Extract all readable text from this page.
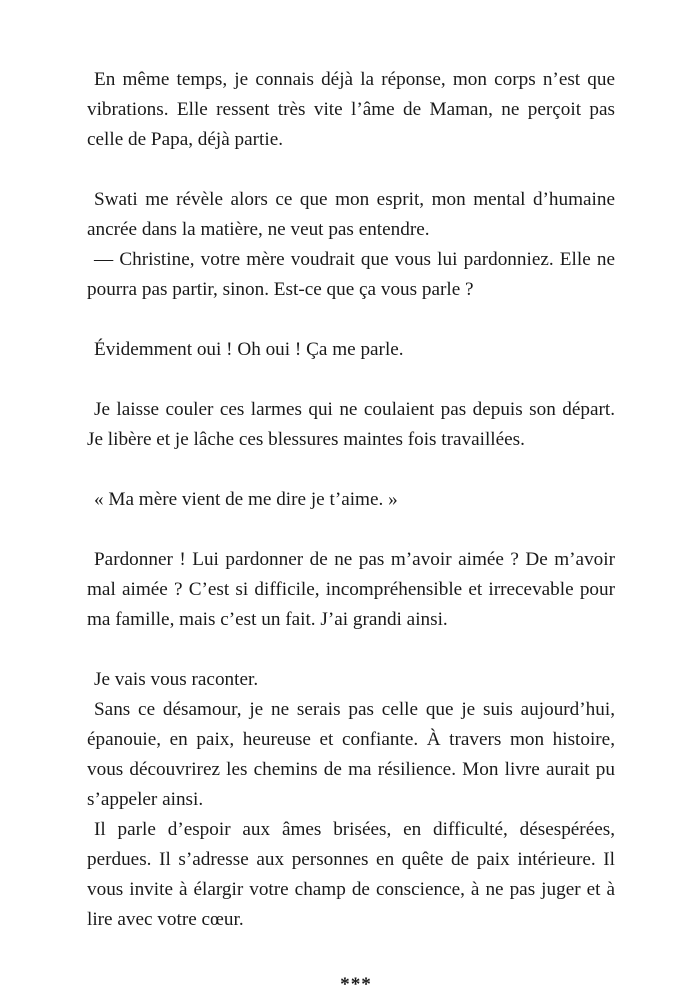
En même temps, je connais déjà la réponse, mon corps n’est que vibrations. Elle ressent très vite l’âme de Maman, ne perçoit pas celle de Papa, déjà partie.

Swati me révèle alors ce que mon esprit, mon mental d’humaine ancrée dans la matière, ne veut pas entendre.

— Christine, votre mère voudrait que vous lui pardonniez. Elle ne pourra pas partir, sinon. Est-ce que ça vous parle ?

Évidemment oui ! Oh oui ! Ça me parle.

Je laisse couler ces larmes qui ne coulaient pas depuis son départ. Je libère et je lâche ces blessures maintes fois travaillées.

« Ma mère vient de me dire je t’aime. »

Pardonner ! Lui pardonner de ne pas m’avoir aimée ? De m’avoir mal aimée ? C’est si difficile, incompréhensible et irrecevable pour ma famille, mais c’est un fait. J’ai grandi ainsi.

Je vais vous raconter.

Sans ce désamour, je ne serais pas celle que je suis aujourd’hui, épanouie, en paix, heureuse et confiante. À travers mon histoire, vous découvrirez les chemins de ma résilience. Mon livre aurait pu s’appeler ainsi.

Il parle d’espoir aux âmes brisées, en difficulté, désespérées, perdues. Il s’adresse aux personnes en quête de paix intérieure. Il vous invite à élargir votre champ de conscience, à ne pas juger et à lire avec votre cœur.

***
